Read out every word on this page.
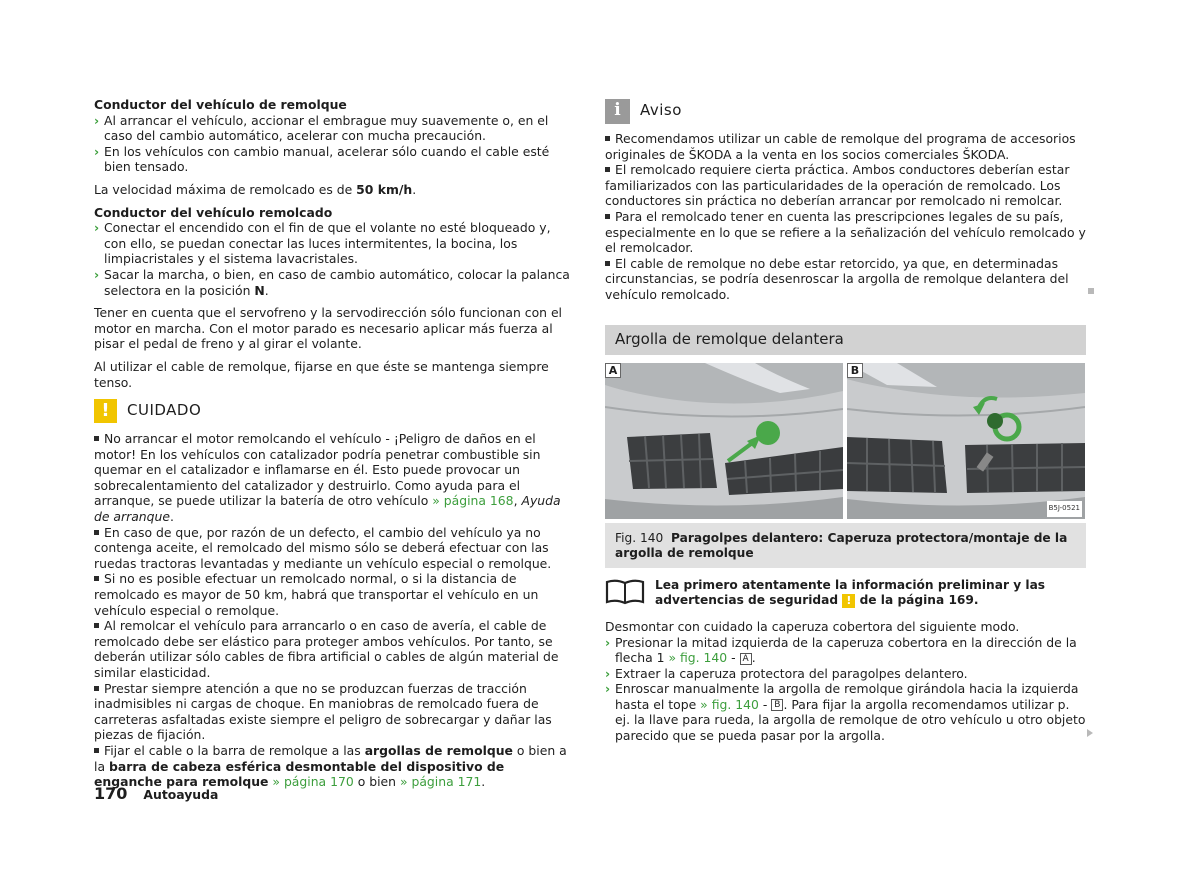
Conductor del vehículo de remolque

› Al arrancar el vehículo, accionar el embrague muy suavemente o, en el caso del cambio automático, acelerar con mucha precaución.
› En los vehículos con cambio manual, acelerar sólo cuando el cable esté bien tensado.

La velocidad máxima de remolcado es de 50 km/h.

Conductor del vehículo remolcado

› Conectar el encendido con el fin de que el volante no esté bloqueado y, con ello, se puedan conectar las luces intermitentes, la bocina, los limpiacristales y el sistema lavacristales.
› Sacar la marcha, o bien, en caso de cambio automático, colocar la palanca selectora en la posición N.

Tener en cuenta que el servofreno y la servodirección sólo funcionan con el motor en marcha. Con el motor parado es necesario aplicar más fuerza al pisar el pedal de freno y al girar el volante.

Al utilizar el cable de remolque, fijarse en que éste se mantenga siempre tenso.

!	CUIDADO

No arrancar el motor remolcando el vehículo - ¡Peligro de daños en el motor! En los vehículos con catalizador podría penetrar combustible sin quemar en el catalizador e inflamarse en él. Esto puede provocar un sobrecalentamiento del catalizador y destruirlo. Como ayuda para el arranque, se puede utilizar la batería de otro vehículo » página 168, Ayuda de arranque.

En caso de que, por razón de un defecto, el cambio del vehículo ya no contenga aceite, el remolcado del mismo sólo se deberá efectuar con las ruedas tractoras levantadas y mediante un vehículo especial o remolque.

Si no es posible efectuar un remolcado normal, o si la distancia de remolcado es mayor de 50 km, habrá que transportar el vehículo en un vehículo especial o remolque.

Al remolcar el vehículo para arrancarlo o en caso de avería, el cable de remolcado debe ser elástico para proteger ambos vehículos. Por tanto, se deberán utilizar sólo cables de fibra artificial o cables de algún material de similar elasticidad.

Prestar siempre atención a que no se produzcan fuerzas de tracción inadmisibles ni cargas de choque. En maniobras de remolcado fuera de carreteras asfaltadas existe siempre el peligro de sobrecargar y dañar las piezas de fijación.

Fijar el cable o la barra de remolque a las argollas de remolque o bien a la barra de cabeza esférica desmontable del dispositivo de enganche para remolque » página 170 o bien » página 171.

i	Aviso

Recomendamos utilizar un cable de remolque del programa de accesorios originales de ŠKODA a la venta en los socios comerciales ŠKODA.

El remolcado requiere cierta práctica. Ambos conductores deberían estar familiarizados con las particularidades de la operación de remolcado. Los conductores sin práctica no deberían arrancar por remolcado ni remolcar.

Para el remolcado tener en cuenta las prescripciones legales de su país, especialmente en lo que se refiere a la señalización del vehículo remolcado y el remolcador.

El cable de remolque no debe estar retorcido, ya que, en determinadas circunstancias, se podría desenroscar la argolla de remolque delantera del vehículo remolcado.

Argolla de remolque delantera
A	B
B5J-0521
Fig. 140 Paragolpes delantero: Caperuza protectora/montaje de la argolla de remolque
Lea primero atentamente la información preliminar y las advertencias de seguridad ! de la página 169.

Desmontar con cuidado la caperuza cobertora del siguiente modo.

› Presionar la mitad izquierda de la caperuza cobertora en la dirección de la flecha 1 » fig. 140 - A .
› Extraer la caperuza protectora del paragolpes delantero.
› Enroscar manualmente la argolla de remolque girándola hacia la izquierda hasta el tope » fig. 140 - B . Para fijar la argolla recomendamos utilizar p. ej. la llave para rueda, la argolla de remolque de otro vehículo u otro objeto parecido que se pueda pasar por la argolla.
170 Autoayuda
